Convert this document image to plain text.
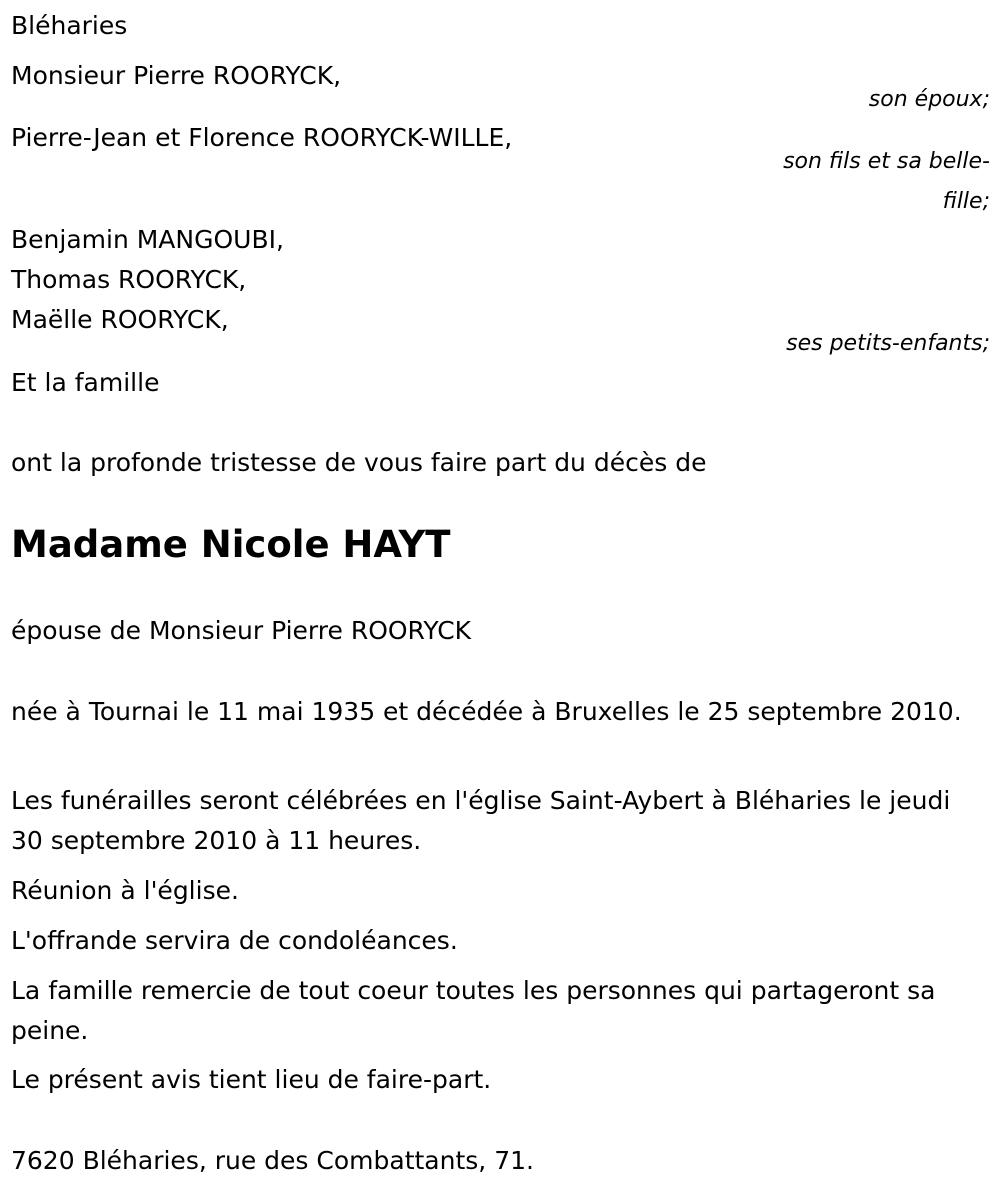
Bléharies

Monsieur Pierre ROORYCK,

son époux;

Pierre-Jean et Florence ROORYCK-WILLE,

son fils et sa belle-fille;

Benjamin MANGOUBI,

Thomas ROORYCK,

Maëlle ROORYCK,

ses petits-enfants;

Et la famille

ont la profonde tristesse de vous faire part du décès de

Madame Nicole HAYT

épouse de Monsieur Pierre ROORYCK

née à Tournai le 11 mai 1935 et décédée à Bruxelles le 25 septembre 2010.

Les funérailles seront célébrées en l'église Saint-Aybert à Bléharies le jeudi 30 septembre 2010 à 11 heures.

Réunion à l'église.

L'offrande servira de condoléances.

La famille remercie de tout coeur toutes les personnes qui partageront sa peine.

Le présent avis tient lieu de faire-part.

7620 Bléharies, rue des Combattants, 71.
